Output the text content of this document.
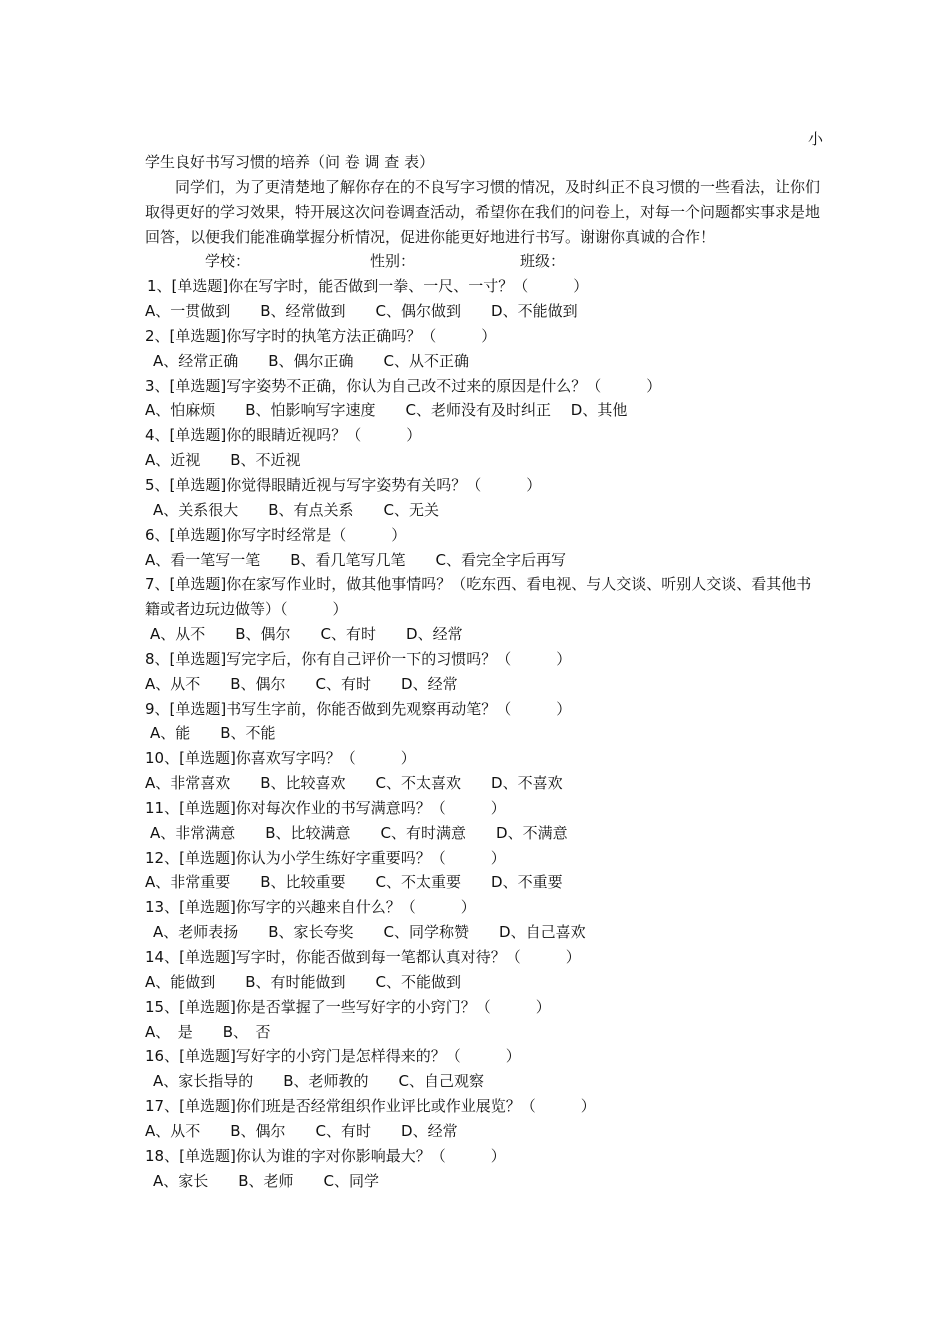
小
学生良好书写习惯的培养（问 卷 调 查 表）
同学们，为了更清楚地了解你存在的不良写字习惯的情况，及时纠正不良习惯的一些看法，让你们取得更好的学习效果，特开展这次问卷调查活动，希望你在我们的问卷上，对每一个问题都实事求是地回答，以便我们能准确掌握分析情况，促进你能更好地进行书写。谢谢你真诚的合作！
学校：	性别：	班级：
1、[单选题]你在写字时，能否做到一拳、一尺、一寸？（　　　）
A、一贯做到　　B、经常做到　　C、偶尔做到　　D、不能做到
2、[单选题]你写字时的执笔方法正确吗？（　　　）
A、经常正确　　B、偶尔正确　　C、从不正确
3、[单选题]写字姿势不正确，你认为自己改不过来的原因是什么？（　　　）
A、怕麻烦　　B、怕影响写字速度　　C、老师没有及时纠正　 D、其他
4、[单选题]你的眼睛近视吗？（　　　）
A、近视　　B、不近视
5、[单选题]你觉得眼睛近视与写字姿势有关吗？（　　　）
A、关系很大　　B、有点关系　　C、无关
6、[单选题]你写字时经常是（　　　）
A、看一笔写一笔　　B、看几笔写几笔　　C、看完全字后再写
7、[单选题]你在家写作业时，做其他事情吗？（吃东西、看电视、与人交谈、听别人交谈、看其他书籍或者边玩边做等）（　　　）
A、从不　　B、偶尔　　C、有时　　D、经常
8、[单选题]写完字后，你有自己评价一下的习惯吗？（　　　）
A、从不　　B、偶尔　　C、有时　　D、经常
9、[单选题]书写生字前，你能否做到先观察再动笔？（　　　）
A、能　　B、不能
10、[单选题]你喜欢写字吗？（　　　）
A、非常喜欢　　B、比较喜欢　　C、不太喜欢　　D、不喜欢
11、[单选题]你对每次作业的书写满意吗？（　　　）
A、非常满意　　B、比较满意　　C、有时满意　　D、不满意
12、[单选题]你认为小学生练好字重要吗？（　　　）
A、非常重要　　B、比较重要　　C、不太重要　　D、不重要
13、[单选题]你写字的兴趣来自什么？（　　　）
A、老师表扬　　B、家长夸奖　　C、同学称赞　　D、自己喜欢
14、[单选题]写字时，你能否做到每一笔都认真对待？（　　　）
A、能做到　　B、有时能做到　　C、不能做到
15、[单选题]你是否掌握了一些写好字的小窍门？（　　　）
A、　是　　B、　否
16、[单选题]写好字的小窍门是怎样得来的？（　　　）
A、家长指导的　　B、老师教的　　C、自己观察
17、[单选题]你们班是否经常组织作业评比或作业展览？（　　　）
A、从不　　B、偶尔　　C、有时　　D、经常
18、[单选题]你认为谁的字对你影响最大？（　　　）
A、家长　　B、老师　　C、同学
